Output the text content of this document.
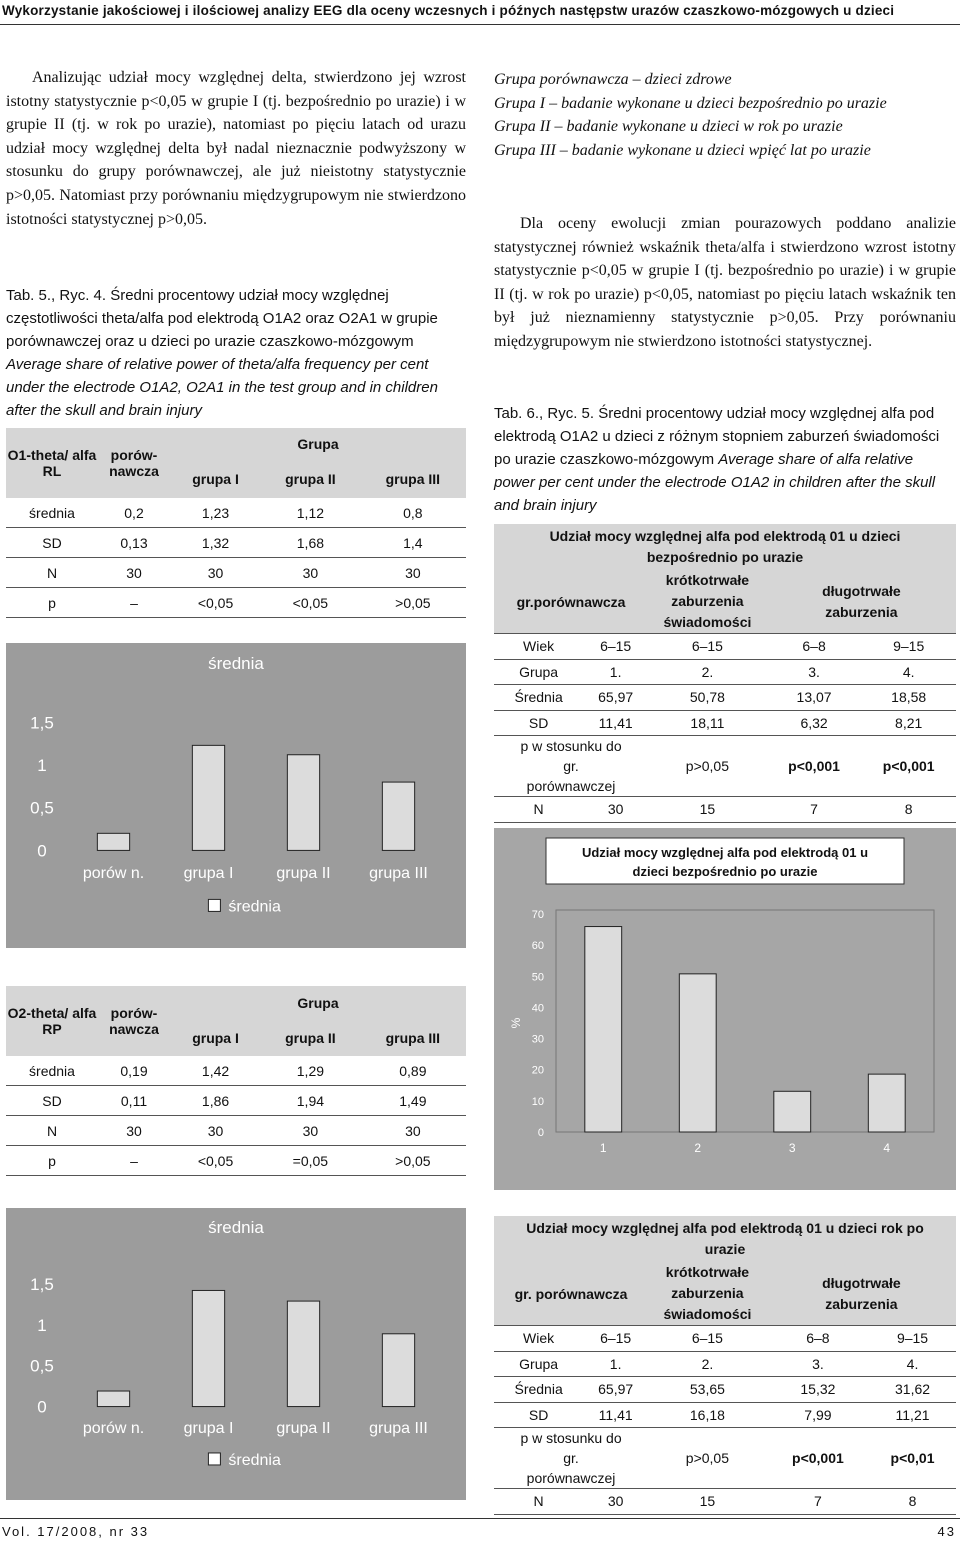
Wykorzystanie jakościowej i ilościowej analizy EEG dla oceny wczesnych i późnych następstw urazów czaszkowo-mózgowych u dzieci
Analizując udział mocy względnej delta, stwierdzono jej wzrost istotny statystycznie p<0,05 w grupie I (tj. bezpośrednio po urazie) i w grupie II (tj. w rok po urazie), natomiast po pięciu latach od urazu udział mocy względnej delta był nadal nieznacznie podwyższony w stosunku do grupy porównawczej, ale już nieistotny statystycznie p>0,05. Natomiast przy porównaniu międzygrupowym nie stwierdzono istotności statystycznej p>0,05.
Tab. 5., Ryc. 4. Średni procentowy udział mocy względnej częstotliwości theta/alfa pod elektrodą O1A2 oraz O2A1 w grupie porównawczej oraz u dzieci po urazie czaszkowo-mózgowym Average share of relative power of theta/alfa frequency per cent under the electrode O1A2, O2A1 in the test group and in children after the skull and brain injury
O1-theta/ alfa RL	porów-nawcza	Grupa		
		grupa I	grupa II	grupa III
średnia	0,2	1,23	1,12	0,8
SD	0,13	1,32	1,68	1,4
N	30	30	30	30
p	–	<0,05	<0,05	>0,05
O2-theta/ alfa RP	porów-nawcza	Grupa		
		grupa I	grupa II	grupa III
średnia	0,19	1,42	1,29	0,89
SD	0,11	1,86	1,94	1,49
N	30	30	30	30
p	–	<0,05	=0,05	>0,05
średnia
0
0,5
1
1,5
porów n. grupa I	grupa II grupa III
średnia
średnia
0
0,5
1
1,5
porów n. grupa I	grupa II grupa III
średnia
Grupa porównawcza – dzieci zdrowe
Grupa I – badanie wykonane u dzieci bezpośrednio po urazie
Grupa II – badanie wykonane u dzieci w rok po urazie
Grupa III – badanie wykonane u dzieci wpięć lat po urazie
Dla oceny ewolucji zmian pourazowych poddano analizie statystycznej również wskaźnik theta/alfa i stwierdzono wzrost istotny statystycznie p<0,05 w grupie I (tj. bezpośrednio po urazie) i w grupie II (tj. w rok po urazie) p<0,05, natomiast po pięciu latach wskaźnik ten był już nieznamienny statystycznie p>0,05. Przy porównaniu międzygrupowym nie stwierdzono istotności statystycznej.
Tab. 6., Ryc. 5. Średni procentowy udział mocy względnej alfa pod elektrodą O1A2 u dzieci z różnym stopniem zaburzeń świadomości po urazie czaszkowo-mózgowym Average share of alfa relative power per cent under the electrode O1A2 in children after the skull and brain injury
Udział mocy względnej alfa pod elektrodą 01 u dzieci bezpośrednio po urazie				
gr.porównawcza		krótkotrwałe zaburzenia świadomości	długotrwałe zaburzenia	
Wiek	6–15	6–15	6–8	9–15
Grupa	1.	2.	3.	4.
Średnia	65,97	50,78	13,07	18,58
SD	11,41	18,11	6,32	8,21
p w stosunku do gr. porównawczej		p>0,05	p<0,001	p<0,001
N	30	15	7	8
Udział mocy względnej alfa pod elektrodą 01 u
dzieci bezpośrednio po urazie
0
10
20
30
40
50
60
70
%
1	2	3	4
Udział mocy względnej alfa pod elektrodą 01 u dzieci rok po urazie				
gr. porównawcza		krótkotrwałe zaburzenia świadomości	długotrwałe zaburzenia	
Wiek	6–15	6–15	6–8	9–15
Grupa	1.	2.	3.	4.
Średnia	65,97	53,65	15,32	31,62
SD	11,41	16,18	7,99	11,21
p w stosunku do gr. porównawczej		p>0,05	p<0,001	p<0,01
N	30	15	7	8
Vol. 17/2008, nr 33	43
